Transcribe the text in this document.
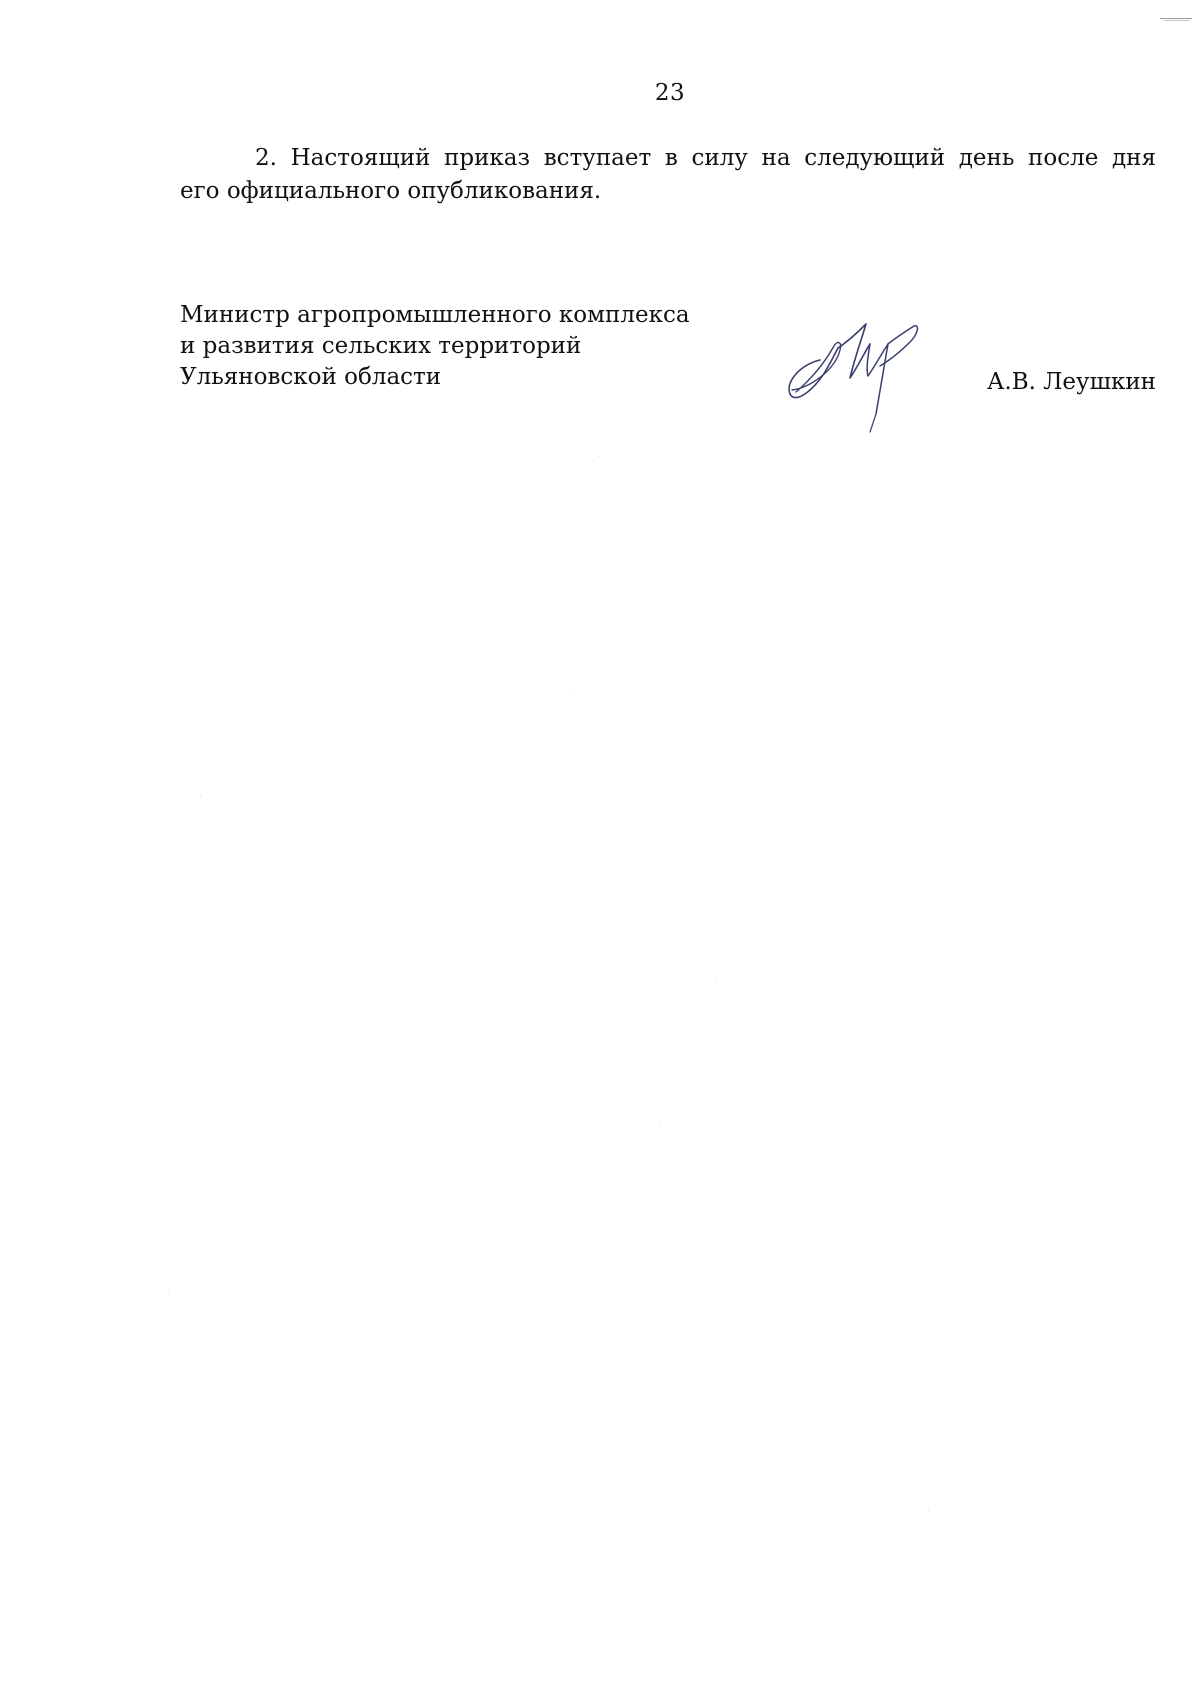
23
2. Настоящий приказ вступает в силу на следующий день после дня
его официального опубликования.
Министр агропромышленного комплекса
и развития сельских территорий
Ульяновской области	А.В. Леушкин
